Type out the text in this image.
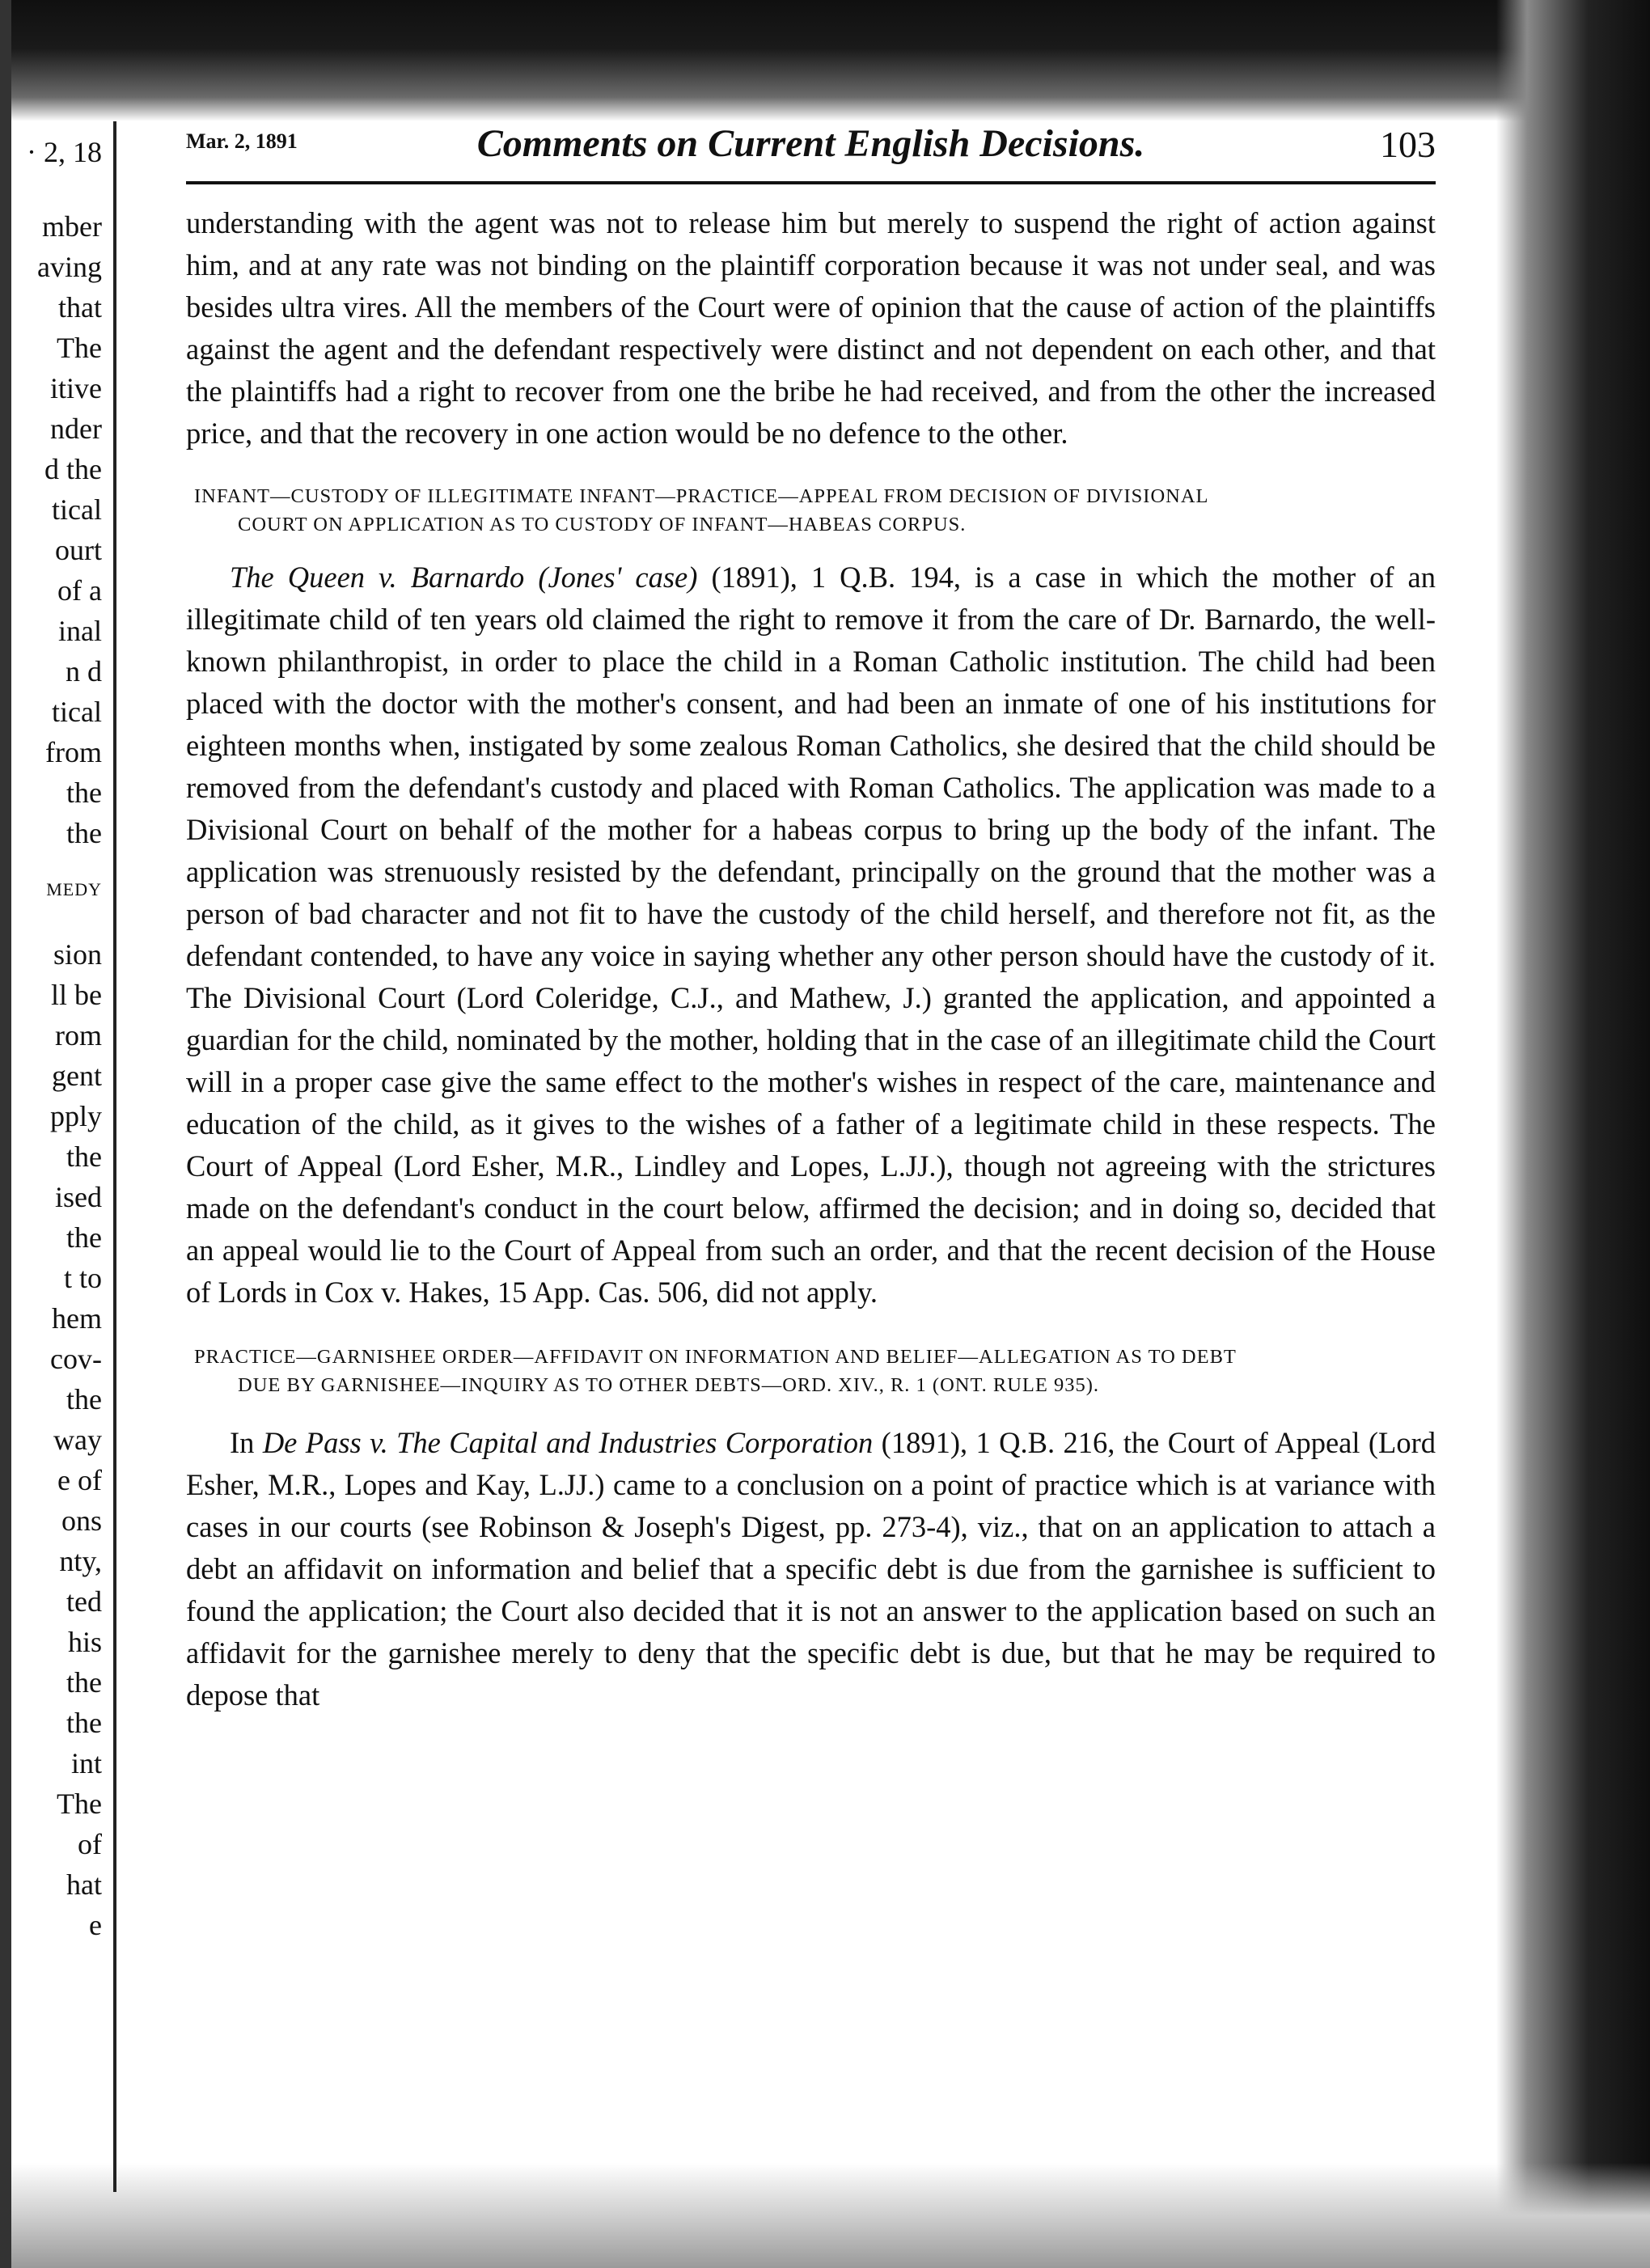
· 2, 18
mber
aving
that
The
itive
nder
d the
tical
ourt
of a
inal
n d
tical
from
the
the
MEDY
sion
ll be
rom
gent
pply
the
ised
the
t to
hem
cov-
the
way
e of
ons
nty,
ted
his
the
the
int
The
of
hat
e
Mar. 2, 1891	Comments on Current English Decisions.	103

understanding with the agent was not to release him but merely to suspend the right of action against him, and at any rate was not binding on the plaintiff corporation because it was not under seal, and was besides ultra vires. All the members of the Court were of opinion that the cause of action of the plaintiffs against the agent and the defendant respectively were distinct and not dependent on each other, and that the plaintiffs had a right to recover from one the bribe he had received, and from the other the increased price, and that the recovery in one action would be no defence to the other.

INFANT—CUSTODY OF ILLEGITIMATE INFANT—PRACTICE—APPEAL FROM DECISION OF DIVISIONAL
COURT ON APPLICATION AS TO CUSTODY OF INFANT—HABEAS CORPUS.

The Queen v. Barnardo (Jones' case) (1891), 1 Q.B. 194, is a case in which the mother of an illegitimate child of ten years old claimed the right to remove it from the care of Dr. Barnardo, the well-known philanthropist, in order to place the child in a Roman Catholic institution. The child had been placed with the doctor with the mother's consent, and had been an inmate of one of his institutions for eighteen months when, instigated by some zealous Roman Catholics, she desired that the child should be removed from the defendant's custody and placed with Roman Catholics. The application was made to a Divisional Court on behalf of the mother for a habeas corpus to bring up the body of the infant. The application was strenuously resisted by the defendant, principally on the ground that the mother was a person of bad character and not fit to have the custody of the child herself, and therefore not fit, as the defendant contended, to have any voice in saying whether any other person should have the custody of it. The Divisional Court (Lord Coleridge, C.J., and Mathew, J.) granted the application, and appointed a guardian for the child, nominated by the mother, holding that in the case of an illegitimate child the Court will in a proper case give the same effect to the mother's wishes in respect of the care, maintenance and education of the child, as it gives to the wishes of a father of a legitimate child in these respects. The Court of Appeal (Lord Esher, M.R., Lindley and Lopes, L.JJ.), though not agreeing with the strictures made on the defendant's conduct in the court below, affirmed the decision; and in doing so, decided that an appeal would lie to the Court of Appeal from such an order, and that the recent decision of the House of Lords in Cox v. Hakes, 15 App. Cas. 506, did not apply.

PRACTICE—GARNISHEE ORDER—AFFIDAVIT ON INFORMATION AND BELIEF—ALLEGATION AS TO DEBT
DUE BY GARNISHEE—INQUIRY AS TO OTHER DEBTS—ORD. XIV., R. 1 (ONT. RULE 935).

In De Pass v. The Capital and Industries Corporation (1891), 1 Q.B. 216, the Court of Appeal (Lord Esher, M.R., Lopes and Kay, L.JJ.) came to a conclusion on a point of practice which is at variance with cases in our courts (see Robinson & Joseph's Digest, pp. 273-4), viz., that on an application to attach a debt an affidavit on information and belief that a specific debt is due from the garnishee is sufficient to found the application; the Court also decided that it is not an answer to the application based on such an affidavit for the garnishee merely to deny that the specific debt is due, but that he may be required to depose that
